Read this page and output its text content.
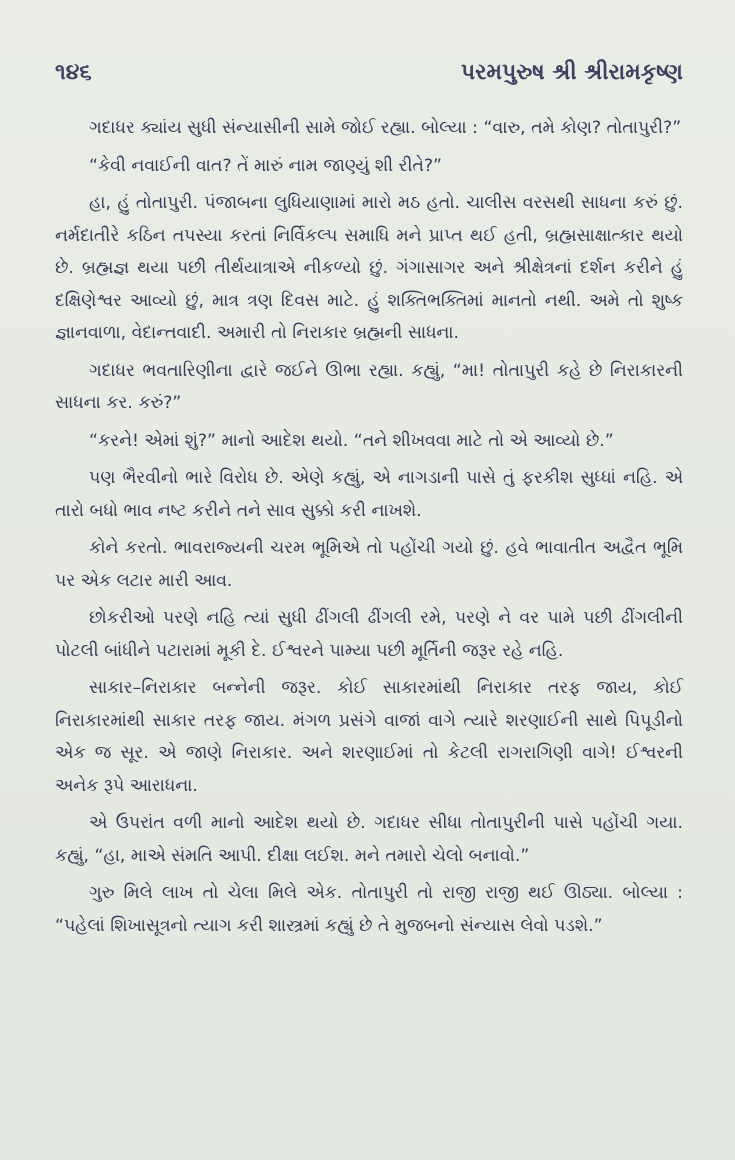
૧૪૬	પરમપુરુષ શ્રી શ્રીરામકૃષ્ણ

ગદાધર ક્યાંય સુધી સંન્યાસીની સામે જોઈ રહ્યા. બોલ્યા : “વારુ, તમે કોણ? તોતાપુરી?”

“કેવી નવાઈની વાત? તેં મારું નામ જાણ્યું શી રીતે?”

હા, હું તોતાપુરી. પંજાબના લુધિયાણામાં મારો મઠ હતો. ચાલીસ વરસથી સાધના કરું છું. નર્મદાતીરે કઠિન તપસ્યા કરતાં નિર્વિકલ્પ સમાધિ મને પ્રાપ્ત થઈ હતી, બ્રહ્મસાક્ષાત્કાર થયો છે. બ્રહ્મજ્ઞ થયા પછી તીર્થયાત્રાએ નીકળ્યો છું. ગંગાસાગર અને શ્રીક્ષેત્રનાં દર્શન કરીને હું દક્ષિણેશ્વર આવ્યો છું, માત્ર ત્રણ દિવસ માટે. હું શક્તિભક્તિમાં માનતો નથી. અમે તો શુષ્ક જ્ઞાનવાળા, વેદાન્તવાદી. અમારી તો નિરાકાર બ્રહ્મની સાધના.

ગદાધર ભવતારિણીના દ્વારે જઈને ઊભા રહ્યા. કહ્યું, “મા! તોતાપુરી કહે છે નિરાકારની સાધના કર. કરું?”

“કરને! એમાં શું?” માનો આદેશ થયો. “તને શીખવવા માટે તો એ આવ્યો છે.”

પણ ભૈરવીનો ભારે વિરોધ છે. એણે કહ્યું, એ નાગડાની પાસે તું ફરકીશ સુધ્ધાં નહિ. એ તારો બધો ભાવ નષ્ટ કરીને તને સાવ સુક્કો કરી નાખશે.

કોને કરતો. ભાવરાજ્યની ચરમ ભૂમિએ તો પહોંચી ગયો છું. હવે ભાવાતીત અદ્વૈત ભૂમિ પર એક લટાર મારી આવ.

છોકરીઓ પરણે નહિ ત્યાં સુધી ઢીંગલી ઢીંગલી રમે, પરણે ને વર પામે પછી ઢીંગલીની પોટલી બાંધીને પટારામાં મૂકી દે. ઈશ્વરને પામ્યા પછી મૂર્તિની જરૂર રહે નહિ.

સાકાર–નિરાકાર બન્નેની જરૂર. કોઈ સાકારમાંથી નિરાકાર તરફ જાય, કોઈ નિરાકારમાંથી સાકાર તરફ જાય. મંગળ પ્રસંગે વાજાં વાગે ત્યારે શરણાઈની સાથે પિપૂડીનો એક જ સૂર. એ જાણે નિરાકાર. અને શરણાઈમાં તો કેટલી રાગરાગિણી વાગે! ઈશ્વરની અનેક રૂપે આરાધના.

એ ઉપરાંત વળી માનો આદેશ થયો છે. ગદાધર સીધા તોતાપુરીની પાસે પહોંચી ગયા. કહ્યું, “હા, માએ સંમતિ આપી. દીક્ષા લઈશ. મને તમારો ચેલો બનાવો.”

ગુરુ મિલે લાખ તો ચેલા મિલે એક. તોતાપુરી તો રાજી રાજી થઈ ઊઠ્યા. બોલ્યા : “પહેલાં શિખાસૂત્રનો ત્યાગ કરી શાસ્ત્રમાં કહ્યું છે તે મુજબનો સંન્યાસ લેવો પડશે.”
